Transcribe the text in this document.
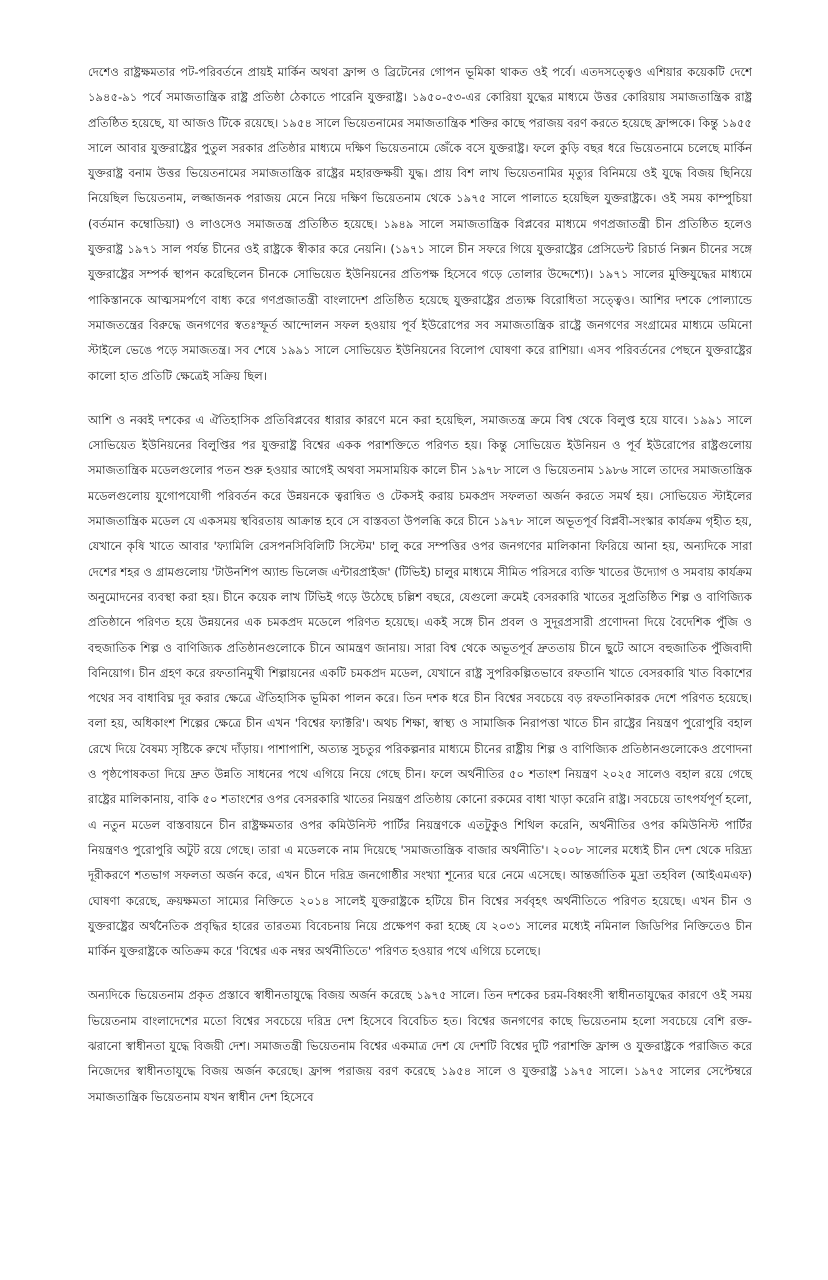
দেশেও রাষ্ট্রক্ষমতার পট-পরিবর্তনে প্রায়ই মার্কিন অথবা ফ্রান্স ও ব্রিটেনের গোপন ভূমিকা থাকত ওই পর্বে। এতদসত্ত্বেও এশিয়ার কয়েকটি দেশে ১৯৪৫-৯১ পর্বে সমাজতান্ত্রিক রাষ্ট্র প্রতিষ্ঠা ঠেকাতে পারেনি যুক্তরাষ্ট্র। ১৯৫০-৫৩-এর কোরিয়া যুদ্ধের মাধ্যমে উত্তর কোরিয়ায় সমাজতান্ত্রিক রাষ্ট্র প্রতিষ্ঠিত হয়েছে, যা আজও টিকে রয়েছে। ১৯৫৪ সালে ভিয়েতনামের সমাজতান্ত্রিক শক্তির কাছে পরাজয় বরণ করতে হয়েছে ফ্রান্সকে। কিন্তু ১৯৫৫ সালে আবার যুক্তরাষ্ট্রের পুতুল সরকার প্রতিষ্ঠার মাধ্যমে দক্ষিণ ভিয়েতনামে জেঁকে বসে যুক্তরাষ্ট্র। ফলে কুড়ি বছর ধরে ভিয়েতনামে চলেছে মার্কিন যুক্তরাষ্ট্র বনাম উত্তর ভিয়েতনামের সমাজতান্ত্রিক রাষ্ট্রের মহারক্তক্ষয়ী যুদ্ধ। প্রায় বিশ লাখ ভিয়েতনামির মৃত্যুর বিনিময়ে ওই যুদ্ধে বিজয় ছিনিয়ে নিয়েছিল ভিয়েতনাম, লজ্জাজনক পরাজয় মেনে নিয়ে দক্ষিণ ভিয়েতনাম থেকে ১৯৭৫ সালে পালাতে হয়েছিল যুক্তরাষ্ট্রকে। ওই সময় কাম্পুচিয়া (বর্তমান কম্বোডিয়া) ও লাওসেও সমাজতন্ত্র প্রতিষ্ঠিত হয়েছে। ১৯৪৯ সালে সমাজতান্ত্রিক বিপ্লবের মাধ্যমে গণপ্রজাতন্ত্রী চীন প্রতিষ্ঠিত হলেও যুক্তরাষ্ট্র ১৯৭১ সাল পর্যন্ত চীনের ওই রাষ্ট্রকে স্বীকার করে নেয়নি। (১৯৭১ সালে চীন সফরে গিয়ে যুক্তরাষ্ট্রের প্রেসিডেন্ট রিচার্ড নিক্সন চীনের সঙ্গে যুক্তরাষ্ট্রের সম্পর্ক স্থাপন করেছিলেন চীনকে সোভিয়েত ইউনিয়নের প্রতিপক্ষ হিসেবে গড়ে তোলার উদ্দেশ্যে)। ১৯৭১ সালের মুক্তিযুদ্ধের মাধ্যমে পাকিস্তানকে আত্মসমর্পণে বাধ্য করে গণপ্রজাতন্ত্রী বাংলাদেশ প্রতিষ্ঠিত হয়েছে যুক্তরাষ্ট্রের প্রত্যক্ষ বিরোধিতা সত্ত্বেও। আশির দশকে পোল্যান্ডে সমাজতন্ত্রের বিরুদ্ধে জনগণের স্বতঃস্ফূর্ত আন্দোলন সফল হওয়ায় পূর্ব ইউরোপের সব সমাজতান্ত্রিক রাষ্ট্রে জনগণের সংগ্রামের মাধ্যমে ডমিনো স্টাইলে ভেঙে পড়ে সমাজতন্ত্র। সব শেষে ১৯৯১ সালে সোভিয়েত ইউনিয়নের বিলোপ ঘোষণা করে রাশিয়া। এসব পরিবর্তনের পেছনে যুক্তরাষ্ট্রের কালো হাত প্রতিটি ক্ষেত্রেই সক্রিয় ছিল।

আশি ও নব্বই দশকের এ ঐতিহাসিক প্রতিবিপ্লবের ধারার কারণে মনে করা হয়েছিল, সমাজতন্ত্র ক্রমে বিশ্ব থেকে বিলুপ্ত হয়ে যাবে। ১৯৯১ সালে সোভিয়েত ইউনিয়নের বিলুপ্তির পর যুক্তরাষ্ট্র বিশ্বের একক পরাশক্তিতে পরিণত হয়। কিন্তু সোভিয়েত ইউনিয়ন ও পূর্ব ইউরোপের রাষ্ট্রগুলোয় সমাজতান্ত্রিক মডেলগুলোর পতন শুরু হওয়ার আগেই অথবা সমসাময়িক কালে চীন ১৯৭৮ সালে ও ভিয়েতনাম ১৯৮৬ সালে তাদের সমাজতান্ত্রিক মডেলগুলোয় যুগোপযোগী পরিবর্তন করে উন্নয়নকে ত্বরান্বিত ও টেকসই করায় চমকপ্রদ সফলতা অর্জন করতে সমর্থ হয়। সোভিয়েত স্টাইলের সমাজতান্ত্রিক মডেল যে একসময় স্থবিরতায় আক্রান্ত হবে সে বাস্তবতা উপলব্ধি করে চীনে ১৯৭৮ সালে অভূতপূর্ব বিপ্লবী-সংস্কার কার্যক্রম গৃহীত হয়, যেখানে কৃষি খাতে আবার 'ফ্যামিলি রেসপনসিবিলিটি সিস্টেম' চালু করে সম্পত্তির ওপর জনগণের মালিকানা ফিরিয়ে আনা হয়, অন্যদিকে সারা দেশের শহর ও গ্রামগুলোয় 'টাউনশিপ অ্যান্ড ভিলেজ এন্টারপ্রাইজ' (টিভিই) চালুর মাধ্যমে সীমিত পরিসরে ব্যক্তি খাতের উদ্যোগ ও সমবায় কার্যক্রম অনুমোদনের ব্যবস্থা করা হয়। চীনে কয়েক লাখ টিভিই গড়ে উঠেছে চল্লিশ বছরে, যেগুলো ক্রমেই বেসরকারি খাতের সুপ্রতিষ্ঠিত শিল্প ও বাণিজ্যিক প্রতিষ্ঠানে পরিণত হয়ে উন্নয়নের এক চমকপ্রদ মডেলে পরিণত হয়েছে। একই সঙ্গে চীন প্রবল ও সুদূরপ্রসারী প্রণোদনা দিয়ে বৈদেশিক পুঁজি ও বহুজাতিক শিল্প ও বাণিজ্যিক প্রতিষ্ঠানগুলোকে চীনে আমন্ত্রণ জানায়। সারা বিশ্ব থেকে অভূতপূর্ব দ্রুততায় চীনে ছুটে আসে বহুজাতিক পুঁজিবাদী বিনিয়োগ। চীন গ্রহণ করে রফতানিমুখী শিল্পায়নের একটি চমকপ্রদ মডেল, যেখানে রাষ্ট্র সুপরিকল্পিতভাবে রফতানি খাতে বেসরকারি খাত বিকাশের পথের সব বাধাবিঘ্ন দূর করার ক্ষেত্রে ঐতিহাসিক ভূমিকা পালন করে। তিন দশক ধরে চীন বিশ্বের সবচেয়ে বড় রফতানিকারক দেশে পরিণত হয়েছে। বলা হয়, অধিকাংশ শিল্পের ক্ষেত্রে চীন এখন 'বিশ্বের ফ্যাক্টরি'। অথচ শিক্ষা, স্বাস্থ্য ও সামাজিক নিরাপত্তা খাতে চীন রাষ্ট্রের নিয়ন্ত্রণ পুরোপুরি বহাল রেখে দিয়ে বৈষম্য সৃষ্টিকে রুখে দাঁড়ায়। পাশাপাশি, অত্যন্ত সুচতুর পরিকল্পনার মাধ্যমে চীনের রাষ্ট্রীয় শিল্প ও বাণিজ্যিক প্রতিষ্ঠানগুলোকেও প্রণোদনা ও পৃষ্ঠপোষকতা দিয়ে দ্রুত উন্নতি সাধনের পথে এগিয়ে নিয়ে গেছে চীন। ফলে অর্থনীতির ৫০ শতাংশ নিয়ন্ত্রণ ২০২৫ সালেও বহাল রয়ে গেছে রাষ্ট্রের মালিকানায়, বাকি ৫০ শতাংশের ওপর বেসরকারি খাতের নিয়ন্ত্রণ প্রতিষ্ঠায় কোনো রকমের বাধা খাড়া করেনি রাষ্ট্র। সবচেয়ে তাৎপর্যপূর্ণ হলো, এ নতুন মডেল বাস্তবায়নে চীন রাষ্ট্রক্ষমতার ওপর কমিউনিস্ট পার্টির নিয়ন্ত্রণকে এতটুকুও শিথিল করেনি, অর্থনীতির ওপর কমিউনিস্ট পার্টির নিয়ন্ত্রণও পুরোপুরি অটুট রয়ে গেছে। তারা এ মডেলকে নাম দিয়েছে 'সমাজতান্ত্রিক বাজার অর্থনীতি'। ২০০৮ সালের মধ্যেই চীন দেশ থেকে দরিদ্র্য দূরীকরণে শতভাগ সফলতা অর্জন করে, এখন চীনে দরিদ্র জনগোষ্ঠীর সংখ্যা শূন্যের ঘরে নেমে এসেছে। আন্তর্জাতিক মুদ্রা তহবিল (আইএমএফ) ঘোষণা করেছে, ক্রয়ক্ষমতা সাম্যের নিক্তিতে ২০১৪ সালেই যুক্তরাষ্ট্রকে হটিয়ে চীন বিশ্বের সর্ববৃহৎ অর্থনীতিতে পরিণত হয়েছে। এখন চীন ও যুক্তরাষ্ট্রের অর্থনৈতিক প্রবৃদ্ধির হারের তারতম্য বিবেচনায় নিয়ে প্রক্ষেপণ করা হচ্ছে যে ২০৩১ সালের মধ্যেই নমিনাল জিডিপির নিক্তিতেও চীন মার্কিন যুক্তরাষ্ট্রকে অতিক্রম করে 'বিশ্বের এক নম্বর অর্থনীতিতে' পরিণত হওয়ার পথে এগিয়ে চলেছে।

অন্যদিকে ভিয়েতনাম প্রকৃত প্রস্তাবে স্বাধীনতাযুদ্ধে বিজয় অর্জন করেছে ১৯৭৫ সালে। তিন দশকের চরম-বিধ্বংসী স্বাধীনতাযুদ্ধের কারণে ওই সময় ভিয়েতনাম বাংলাদেশের মতো বিশ্বের সবচেয়ে দরিদ্র দেশ হিসেবে বিবেচিত হত। বিশ্বের জনগণের কাছে ভিয়েতনাম হলো সবচেয়ে বেশি রক্ত-ঝরানো স্বাধীনতা যুদ্ধে বিজয়ী দেশ। সমাজতন্ত্রী ভিয়েতনাম বিশ্বের একমাত্র দেশ যে দেশটি বিশ্বের দুটি পরাশক্তি ফ্রান্স ও যুক্তরাষ্ট্রকে পরাজিত করে নিজেদের স্বাধীনতাযুদ্ধে বিজয় অর্জন করেছে। ফ্রান্স পরাজয় বরণ করেছে ১৯৫৪ সালে ও যুক্তরাষ্ট্র ১৯৭৫ সালে। ১৯৭৫ সালের সেপ্টেম্বরে সমাজতান্ত্রিক ভিয়েতনাম যখন স্বাধীন দেশ হিসেবে
